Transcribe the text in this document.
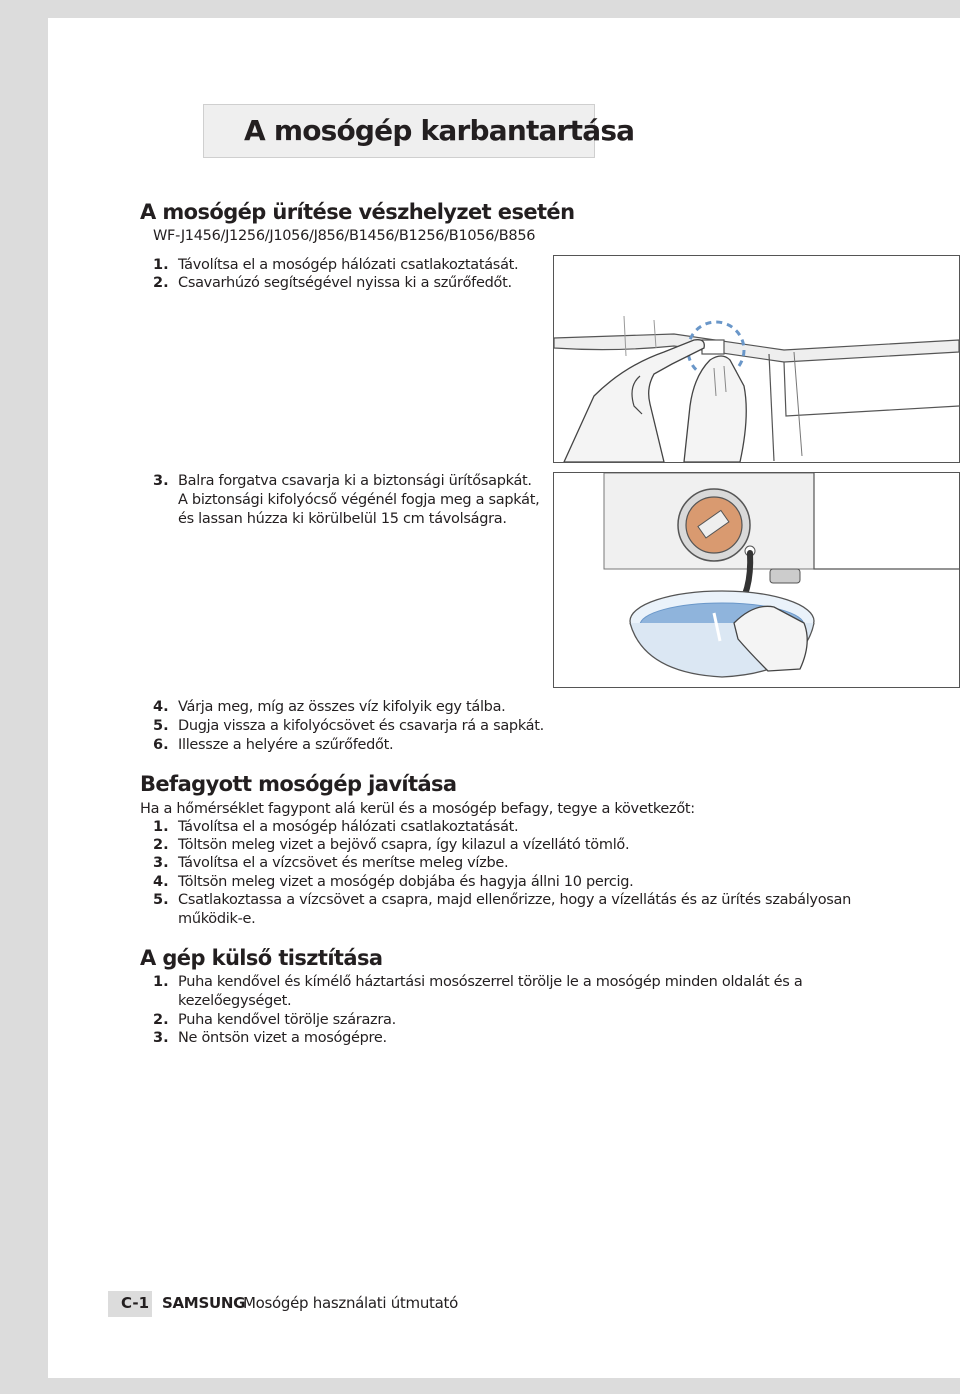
A mosógép karbantartása
A mosógép ürítése vészhelyzet esetén
WF-J1456/J1256/J1056/J856/B1456/B1256/B1056/B856
1. Távolítsa el a mosógép hálózati csatlakoztatását.
2. Csavarhúzó segítségével nyissa ki a szűrőfedőt.
3. Balra forgatva csavarja ki a biztonsági ürítősapkát.
A biztonsági kifolyócső végénél fogja meg a sapkát,
és lassan húzza ki körülbelül 15 cm távolságra.
4. Várja meg, míg az összes víz kifolyik egy tálba.
5. Dugja vissza a kifolyócsövet és csavarja rá a sapkát.
6. Illessze a helyére a szűrőfedőt.
Befagyott mosógép javítása
Ha a hőmérséklet fagypont alá kerül és a mosógép befagy, tegye a következőt:
1. Távolítsa el a mosógép hálózati csatlakoztatását.
2. Töltsön meleg vizet a bejövő csapra, így kilazul a vízellátó tömlő.
3. Távolítsa el a vízcsövet és merítse meleg vízbe.
4. Töltsön meleg vizet a mosógép dobjába és hagyja állni 10 percig.
5. Csatlakoztassa a vízcsövet a csapra, majd ellenőrizze, hogy a vízellátás és az ürítés szabályosan
működik-e.
A gép külső tisztítása
1. Puha kendővel és kímélő háztartási mosószerrel törölje le a mosógép minden oldalát és a
kezelőegységet.
2. Puha kendővel törölje szárazra.
3. Ne öntsön vizet a mosógépre.
C-1 SAMSUNG
Mosógép használati útmutató
